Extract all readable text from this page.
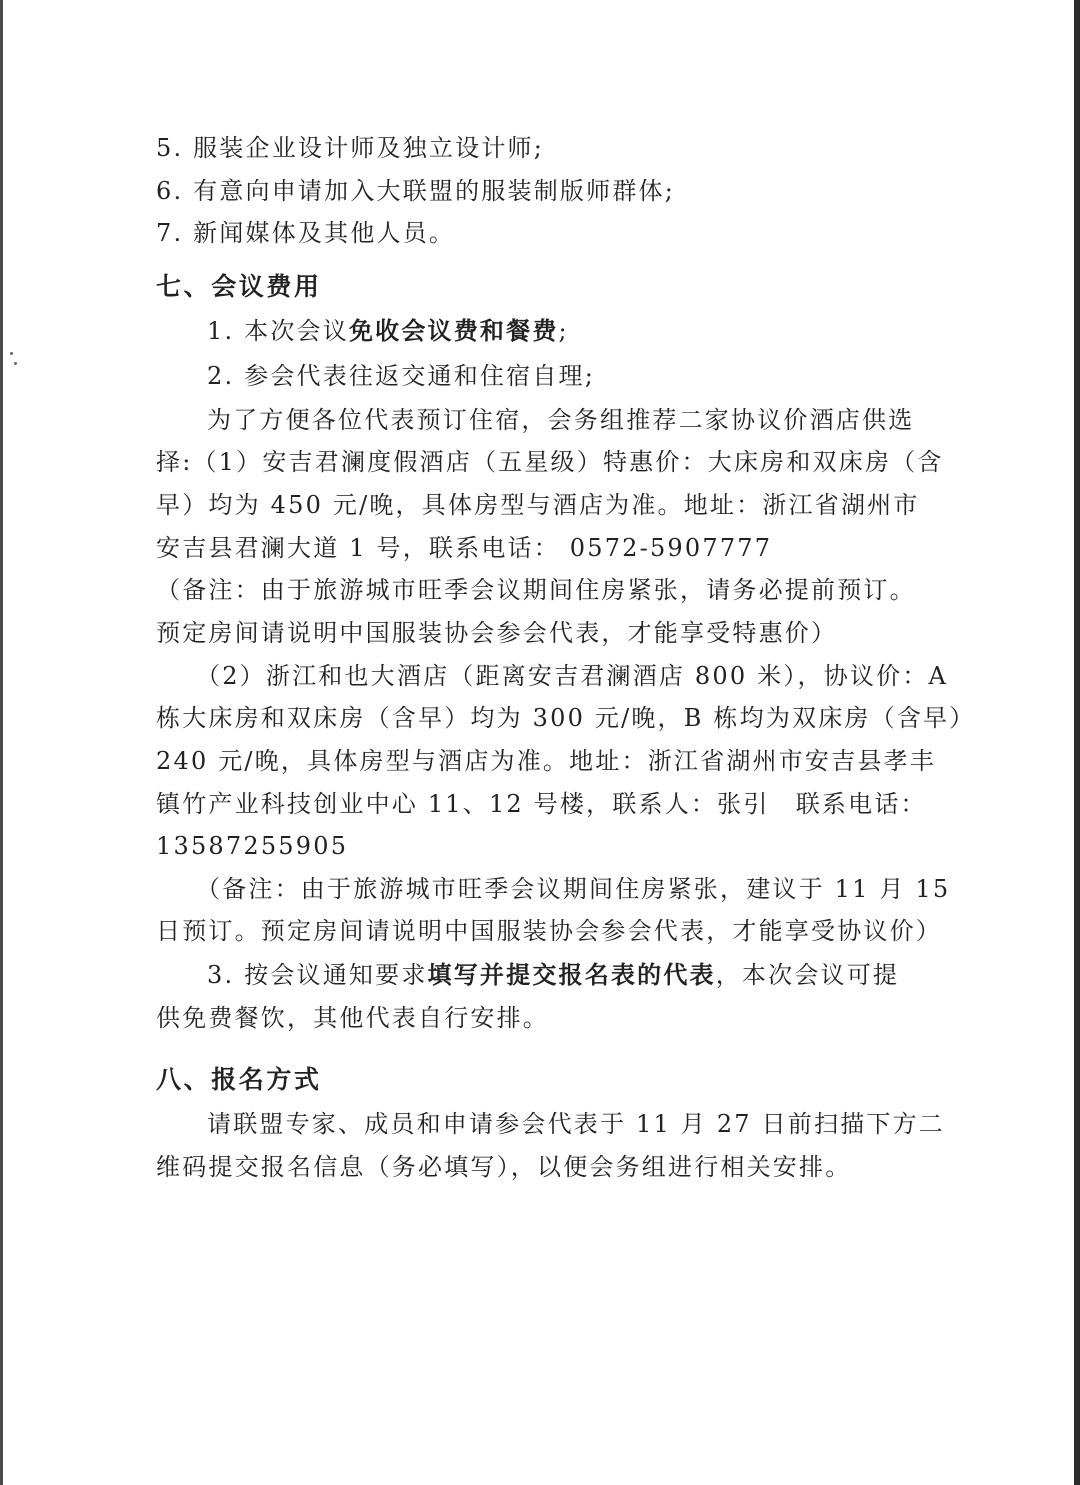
5. 服装企业设计师及独立设计师;
6. 有意向申请加入大联盟的服装制版师群体;
7. 新闻媒体及其他人员。
七、会议费用
1. 本次会议免收会议费和餐费;
2. 参会代表往返交通和住宿自理;
为了方便各位代表预订住宿，会务组推荐二家协议价酒店供选
择:（1）安吉君澜度假酒店（五星级）特惠价：大床房和双床房（含
早）均为 450 元/晚，具体房型与酒店为准。地址：浙江省湖州市
安吉县君澜大道 1 号，联系电话： 0572-5907777
（备注：由于旅游城市旺季会议期间住房紧张，请务必提前预订。
预定房间请说明中国服装协会参会代表，才能享受特惠价）
（2）浙江和也大酒店（距离安吉君澜酒店 800 米），协议价：A
栋大床房和双床房（含早）均为 300 元/晚，B 栋均为双床房（含早）
240 元/晚，具体房型与酒店为准。地址：浙江省湖州市安吉县孝丰
镇竹产业科技创业中心 11、12 号楼，联系人：张引　联系电话：
13587255905
（备注：由于旅游城市旺季会议期间住房紧张，建议于 11 月 15
日预订。预定房间请说明中国服装协会参会代表，才能享受协议价）
3. 按会议通知要求填写并提交报名表的代表，本次会议可提
供免费餐饮，其他代表自行安排。
八、报名方式
请联盟专家、成员和申请参会代表于 11 月 27 日前扫描下方二
维码提交报名信息（务必填写），以便会务组进行相关安排。
